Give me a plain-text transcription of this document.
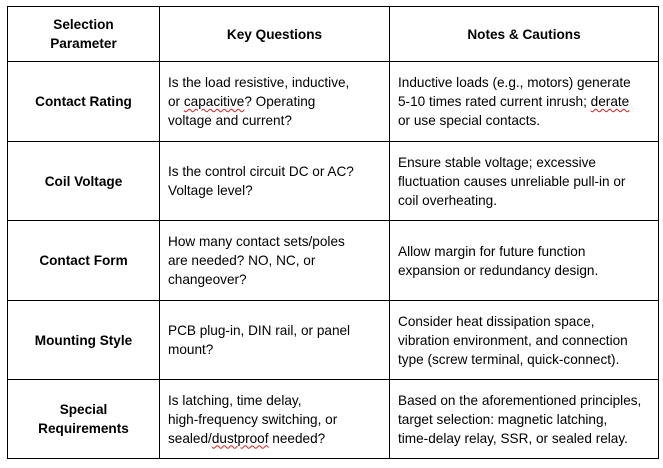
Selection
Parameter	Key Questions	Notes & Cautions

Contact Rating	Is the load resistive, inductive,
or capacitive? Operating
voltage and current?	Inductive loads (e.g., motors) generate
5-10 times rated current inrush; derate
or use special contacts.

Coil Voltage	Is the control circuit DC or AC?
Voltage level?	Ensure stable voltage; excessive
fluctuation causes unreliable pull-in or
coil overheating.

Contact Form	How many contact sets/poles
are needed? NO, NC, or
changeover?	Allow margin for future function
expansion or redundancy design.

Mounting Style	PCB plug-in, DIN rail, or panel
mount?	Consider heat dissipation space,
vibration environment, and connection
type (screw terminal, quick-connect).

Special
Requirements	Is latching, time delay,
high-frequency switching, or
sealed/dustproof needed?	Based on the aforementioned principles,
target selection: magnetic latching,
time-delay relay, SSR, or sealed relay.
